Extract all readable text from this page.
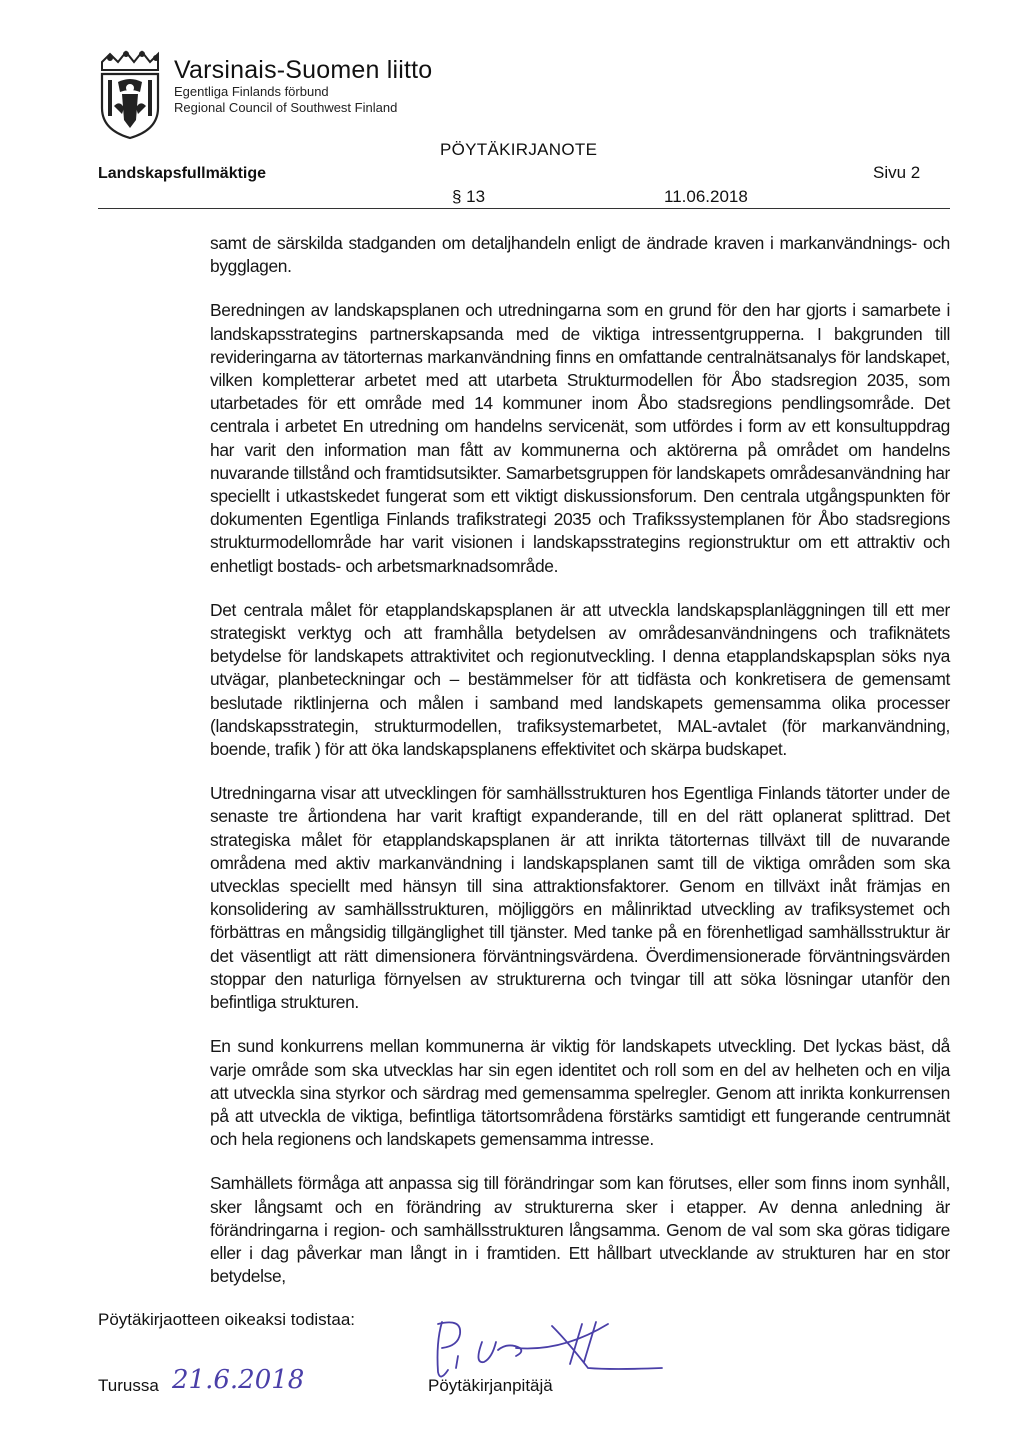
Varsinais-Suomen liitto
Egentliga Finlands förbund
Regional Council of Southwest Finland
PÖYTÄKIRJANOTE
Landskapsfullmäktige	Sivu 2
§ 13	11.06.2018

samt de särskilda stadganden om detaljhandeln enligt de ändrade kraven i markanvändnings- och bygglagen.

Beredningen av landskapsplanen och utredningarna som en grund för den har gjorts i samarbete i landskapsstrategins partnerskapsanda med de viktiga intressentgrupperna. I bakgrunden till revideringarna av tätorternas markanvändning finns en omfattande centralnätsanalys för landskapet, vilken kompletterar arbetet med att utarbeta Strukturmodellen för Åbo stadsregion 2035, som utarbetades för ett område med 14 kommuner inom Åbo stadsregions pendlingsområde. Det centrala i arbetet En utredning om handelns servicenät, som utfördes i form av ett konsultuppdrag har varit den information man fått av kommunerna och aktörerna på området om handelns nuvarande tillstånd och framtidsutsikter. Samarbetsgruppen för landskapets områdesanvändning har speciellt i utkastskedet fungerat som ett viktigt diskussionsforum. Den centrala utgångspunkten för dokumenten Egentliga Finlands trafikstrategi 2035 och Trafikssystemplanen för Åbo stadsregions strukturmodellområde har varit visionen i landskapsstrategins regionstruktur om ett attraktiv och enhetligt bostads- och arbetsmarknadsområde.

Det centrala målet för etapplandskapsplanen är att utveckla landskapsplanläggningen till ett mer strategiskt verktyg och att framhålla betydelsen av områdesanvändningens och trafiknätets betydelse för landskapets attraktivitet och regionutveckling. I denna etapplandskapsplan söks nya utvägar, planbeteckningar och – bestämmelser för att tidfästa och konkretisera de gemensamt beslutade riktlinjerna och målen i samband med landskapets gemensamma olika processer (landskapsstrategin, strukturmodellen, trafiksystemarbetet, MAL-avtalet (för markanvändning, boende, trafik ) för att öka landskapsplanens effektivitet och skärpa budskapet.

Utredningarna visar att utvecklingen för samhällsstrukturen hos Egentliga Finlands tätorter under de senaste tre årtiondena har varit kraftigt expanderande, till en del rätt oplanerat splittrad. Det strategiska målet för etapplandskapsplanen är att inrikta tätorternas tillväxt till de nuvarande områdena med aktiv markanvändning i landskapsplanen samt till de viktiga områden som ska utvecklas speciellt med hänsyn till sina attraktionsfaktorer. Genom en tillväxt inåt främjas en konsolidering av samhällsstrukturen, möjliggörs en målinriktad utveckling av trafiksystemet och förbättras en mångsidig tillgänglighet till tjänster. Med tanke på en förenhetligad samhällsstruktur är det väsentligt att rätt dimensionera förväntningsvärdena. Överdimensionerade förväntningsvärden stoppar den naturliga förnyelsen av strukturerna och tvingar till att söka lösningar utanför den befintliga strukturen.

En sund konkurrens mellan kommunerna är viktig för landskapets utveckling. Det lyckas bäst, då varje område som ska utvecklas har sin egen identitet och roll som en del av helheten och en vilja att utveckla sina styrkor och särdrag med gemensamma spelregler. Genom att inrikta konkurrensen på att utveckla de viktiga, befintliga tätortsområdena förstärks samtidigt ett fungerande centrumnät och hela regionens och landskapets gemensamma intresse.

Samhällets förmåga att anpassa sig till förändringar som kan förutses, eller som finns inom synhåll, sker långsamt och en förändring av strukturerna sker i etapper. Av denna anledning är förändringarna i region- och samhällsstrukturen långsamma. Genom de val som ska göras tidigare eller i dag påverkar man långt in i framtiden. Ett hållbart utvecklande av strukturen har en stor betydelse,

Pöytäkirjaotteen oikeaksi todistaa:
Turussa 21.6.2018	Pöytäkirjanpitäjä
